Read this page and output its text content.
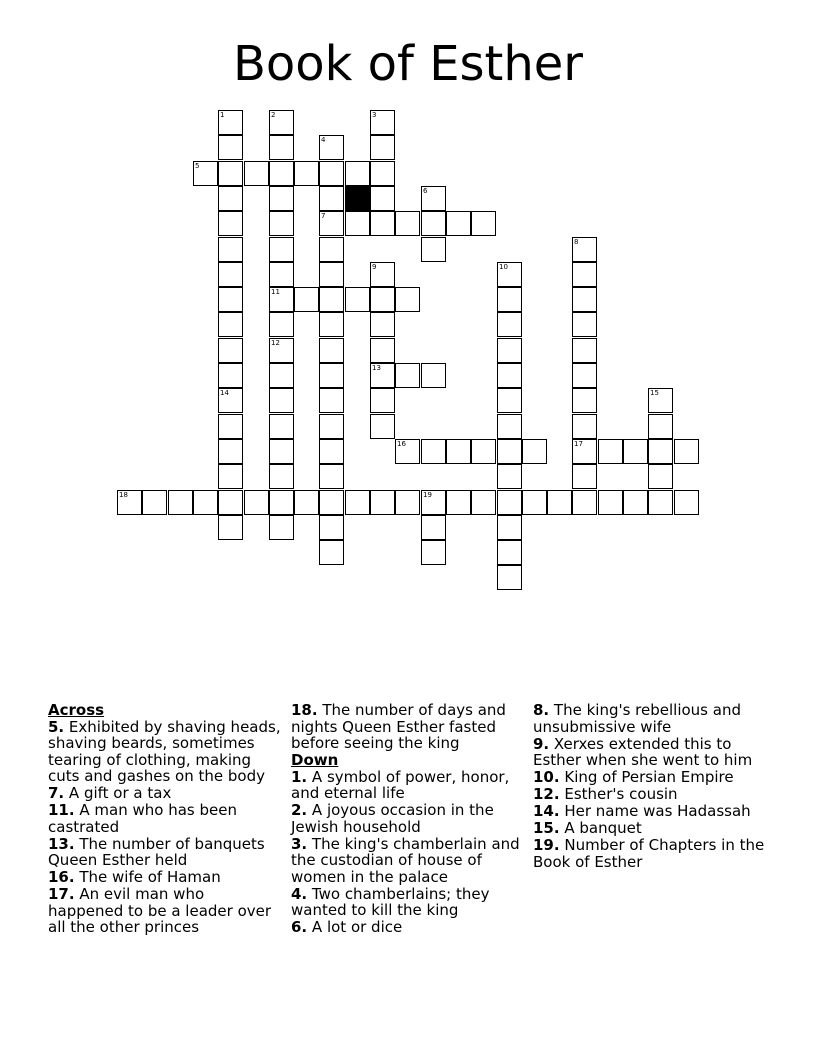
Book of Esther
1
14
2
11
12
3
4
7
6
8
17
9
13
10
15
19
5
16
18
Across
5. Exhibited by shaving heads, shaving beards, sometimes tearing of clothing, making cuts and gashes on the body
7. A gift or a tax
11. A man who has been castrated
13. The number of banquets Queen Esther held
16. The wife of Haman
17. An evil man who happened to be a leader over all the other princes
18. The number of days and nights Queen Esther fasted before seeing the king
Down
1. A symbol of power, honor, and eternal life
2. A joyous occasion in the Jewish household
3. The king's chamberlain and the custodian of house of women in the palace
4. Two chamberlains; they wanted to kill the king
6. A lot or dice
8. The king's rebellious and unsubmissive wife
9. Xerxes extended this to Esther when she went to him
10. King of Persian Empire
12. Esther's cousin
14. Her name was Hadassah
15. A banquet
19. Number of Chapters in the Book of Esther
